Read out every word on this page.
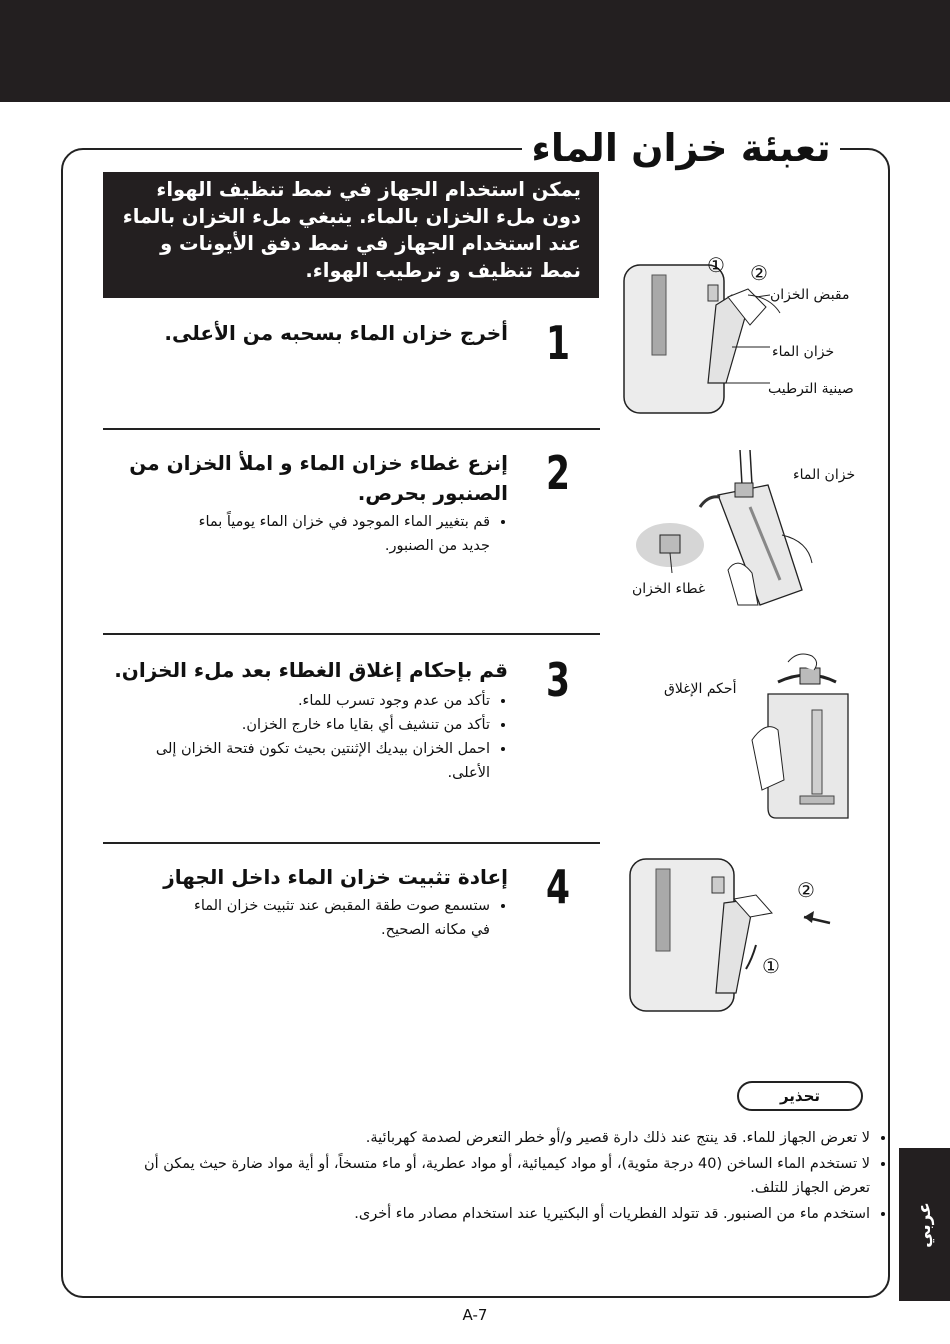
تعبئة خزان الماء
يمكن استخدام الجهاز في نمط تنظيف الهواء دون ملء الخزان بالماء. ينبغي ملء الخزان بالماء عند استخدام الجهاز في نمط دفق الأيونات و نمط تنظيف و ترطيب الهواء.
1
أخرج خزان الماء بسحبه من الأعلى.
2
إنزع غطاء خزان الماء و املأ الخزان من الصنبور بحرص.
• قم بتغيير الماء الموجود في خزان الماء يومياً بماء جديد من الصنبور.
3
قم بإحكام إغلاق الغطاء بعد ملء الخزان.
• تأكد من عدم وجود تسرب للماء.
• تأكد من تنشيف أي بقايا ماء خارج الخزان.
• احمل الخزان بيديك الإثنتين بحيث تكون فتحة الخزان إلى الأعلى.
4
إعادة تثبيت خزان الماء داخل الجهاز
• ستسمع صوت طقة المقبض عند تثبيت خزان الماء في مكانه الصحيح.
① ②
مقبض الخزان
خزان الماء
صينية الترطيب
خزان الماء
غطاء الخزان
أحكم الإغلاق
②
①
تحذير
• لا تعرض الجهاز للماء. قد ينتج عند ذلك دارة قصير و/أو خطر التعرض لصدمة كهربائية.
• لا تستخدم الماء الساخن (40 درجة مئوية)، أو مواد كيميائية، أو مواد عطرية، أو ماء متسخاً، أو أية مواد ضارة حيث يمكن أن تعرض الجهاز للتلف.
• استخدم ماء من الصنبور. قد تتولد الفطريات أو البكتيريا عند استخدام مصادر ماء أخرى.	عربي
A-7
